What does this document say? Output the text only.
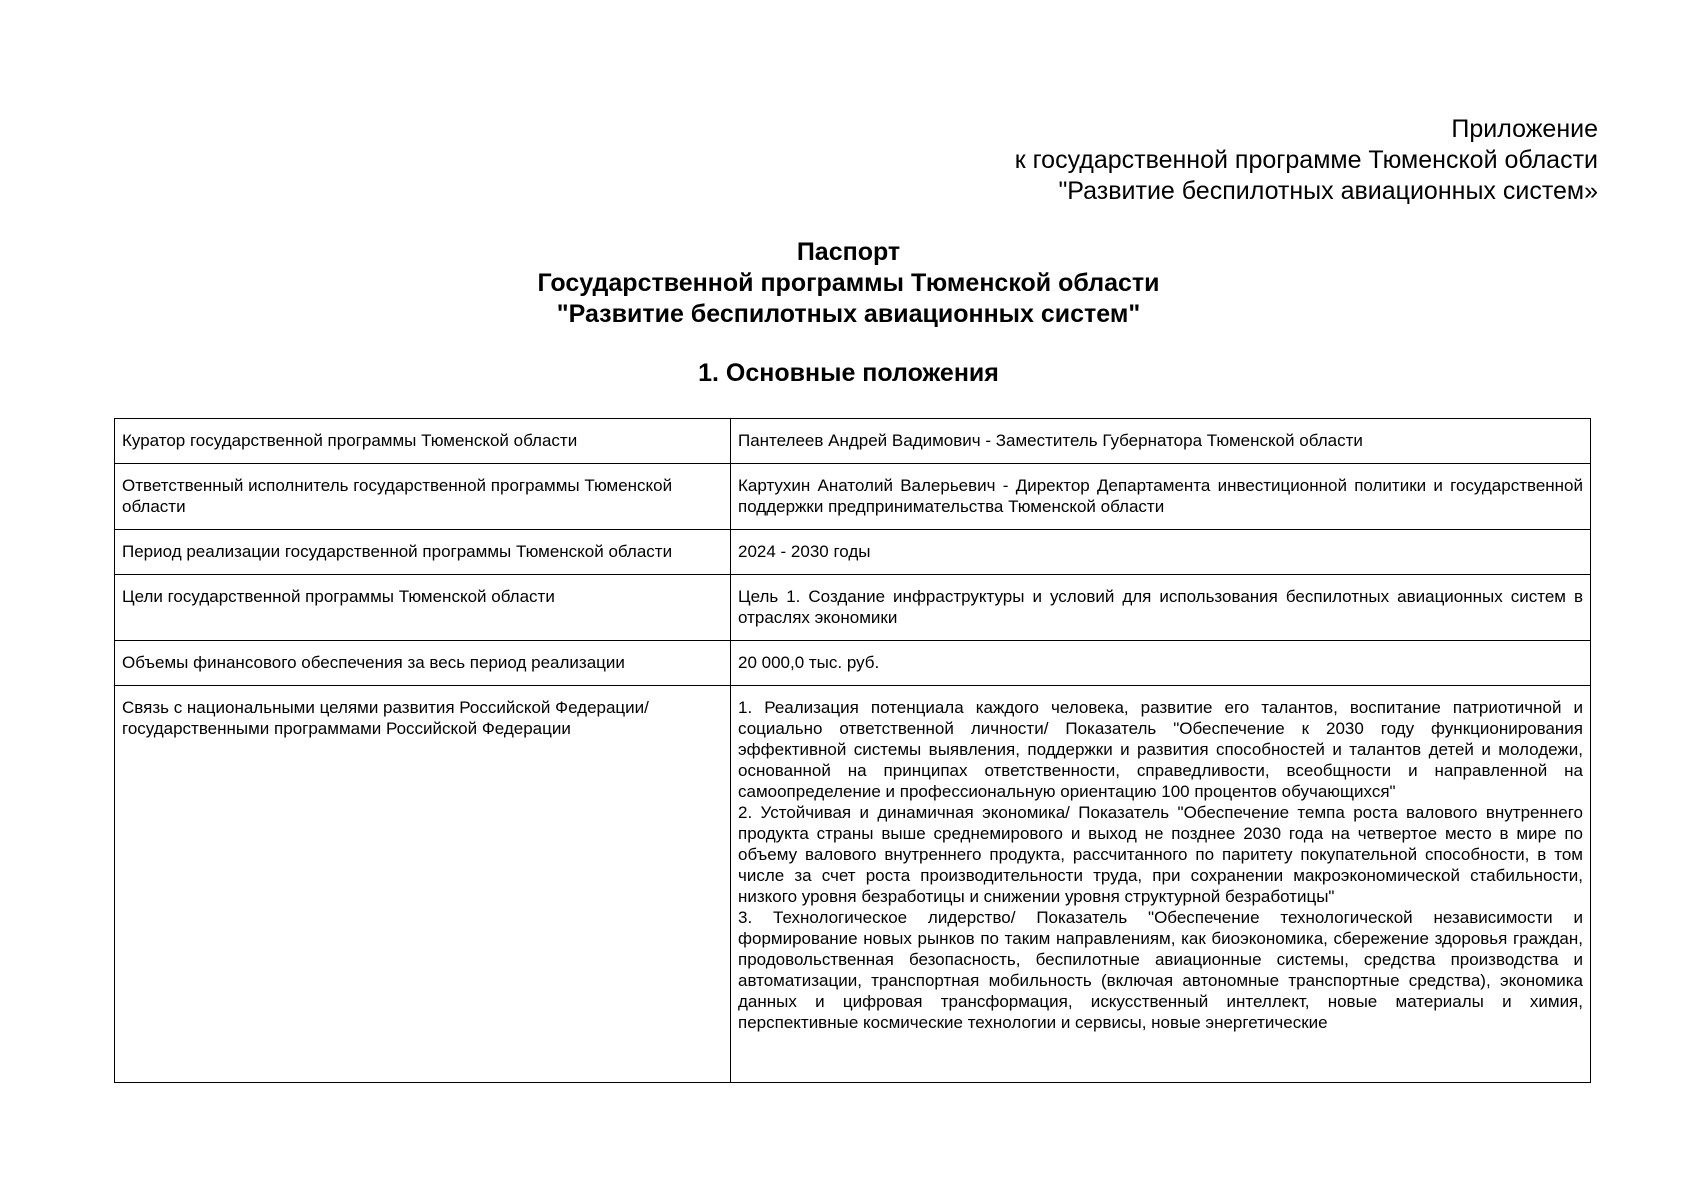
Приложение
к государственной программе Тюменской области
"Развитие беспилотных авиационных систем»
Паспорт
Государственной программы Тюменской области
"Развитие беспилотных авиационных систем"
1. Основные положения
Куратор государственной программы Тюменской области	Пантелеев Андрей Вадимович - Заместитель Губернатора Тюменской области
Ответственный исполнитель государственной программы Тюменской области	Картухин Анатолий Валерьевич - Директор Департамента инвестиционной политики и государственной поддержки предпринимательства Тюменской области
Период реализации государственной программы Тюменской области	2024 - 2030 годы
Цели государственной программы Тюменской области	Цель 1. Создание инфраструктуры и условий для использования беспилотных авиационных систем в отраслях экономики
Объемы финансового обеспечения за весь период реализации	20 000,0 тыс. руб.
Связь с национальными целями развития Российской Федерации/ государственными программами Российской Федерации	1. Реализация потенциала каждого человека, развитие его талантов, воспитание патриотичной и социально ответственной личности/ Показатель "Обеспечение к 2030 году функционирования эффективной системы выявления, поддержки и развития способностей и талантов детей и молодежи, основанной на принципах ответственности, справедливости, всеобщности и направленной на самоопределение и профессиональную ориентацию 100 процентов обучающихся"

2. Устойчивая и динамичная экономика/ Показатель "Обеспечение темпа роста валового внутреннего продукта страны выше среднемирового и выход не позднее 2030 года на четвертое место в мире по объему валового внутреннего продукта, рассчитанного по паритету покупательной способности, в том числе за счет роста производительности труда, при сохранении макроэкономической стабильности, низкого уровня безработицы и снижении уровня структурной безработицы"

3. Технологическое лидерство/ Показатель "Обеспечение технологической независимости и формирование новых рынков по таким направлениям, как биоэкономика, сбережение здоровья граждан, продовольственная безопасность, беспилотные авиационные системы, средства производства и автоматизации, транспортная мобильность (включая автономные транспортные средства), экономика данных и цифровая трансформация, искусственный интеллект, новые материалы и химия, перспективные космические технологии и сервисы, новые энергетические
